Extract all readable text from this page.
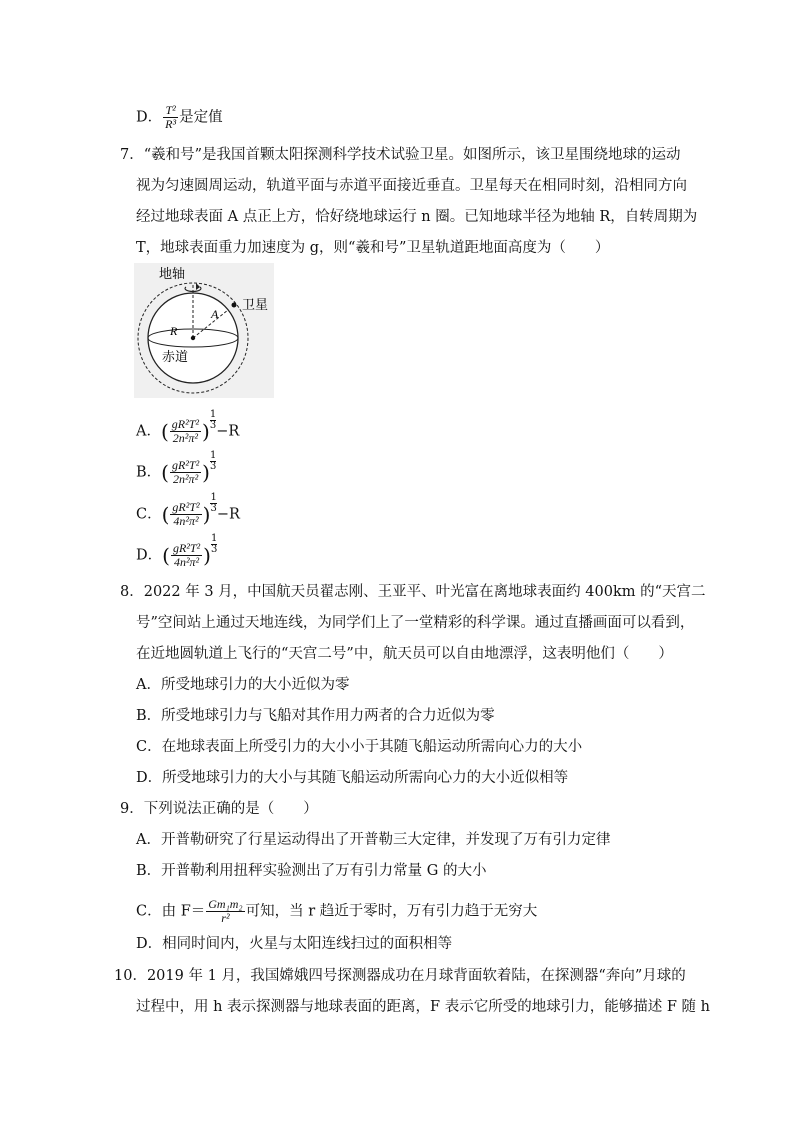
D． $\frac{\text{T²}}{\text{R³}}$ 是定值
7．“羲和号”是我国首颗太阳探测科学技术试验卫星。如图所示，该卫星围绕地球的运动
视为匀速圆周运动，轨道平面与赤道平面接近垂直。卫星每天在相同时刻，沿相同方向
经过地球表面 A 点正上方，恰好绕地球运行 n 圈。已知地球半径为地轴 R，自转周期为
T，地球表面重力加速度为 g，则“羲和号”卫星轨道距地面高度为（　　）
地轴
卫星
A
R
赤道
A．( $\frac{\text{gR²T²}}{\text{2n²π²}}$ ) $\frac{1}{3}$
−R
B．( $\frac{\text{gR²T²}}{\text{2n²π²}}$ ) $\frac{1}{3}$
C．( $\frac{\text{gR²T²}}{\text{4n²π²}}$ ) $\frac{1}{3}$
−R
D．( $\frac{\text{gR²T²}}{\text{4n²π²}}$ ) $\frac{1}{3}$
8．2022 年 3 月，中国航天员翟志刚、王亚平、叶光富在离地球表面约 400km 的“天宫二
号”空间站上通过天地连线，为同学们上了一堂精彩的科学课。通过直播画面可以看到，
在近地圆轨道上飞行的“天宫二号”中，航天员可以自由地漂浮，这表明他们（　　）
A．所受地球引力的大小近似为零
B．所受地球引力与飞船对其作用力两者的合力近似为零
C．在地球表面上所受引力的大小小于其随飞船运动所需向心力的大小
D．所受地球引力的大小与其随飞船运动所需向心力的大小近似相等
9．下列说法正确的是（　　）
A．开普勒研究了行星运动得出了开普勒三大定律，并发现了万有引力定律
B．开普勒利用扭秤实验测出了万有引力常量 G 的大小
C．由 $F= \frac{\text{Gm₁m₂}}{\text{r²}}$ 可知，当 r 趋近于零时，万有引力趋于无穷大
D．相同时间内，火星与太阳连线扫过的面积相等
10．2019 年 1 月，我国嫦娥四号探测器成功在月球背面软着陆，在探测器“奔向”月球的
过程中，用 h 表示探测器与地球表面的距离，F 表示它所受的地球引力，能够描述 F 随 h
